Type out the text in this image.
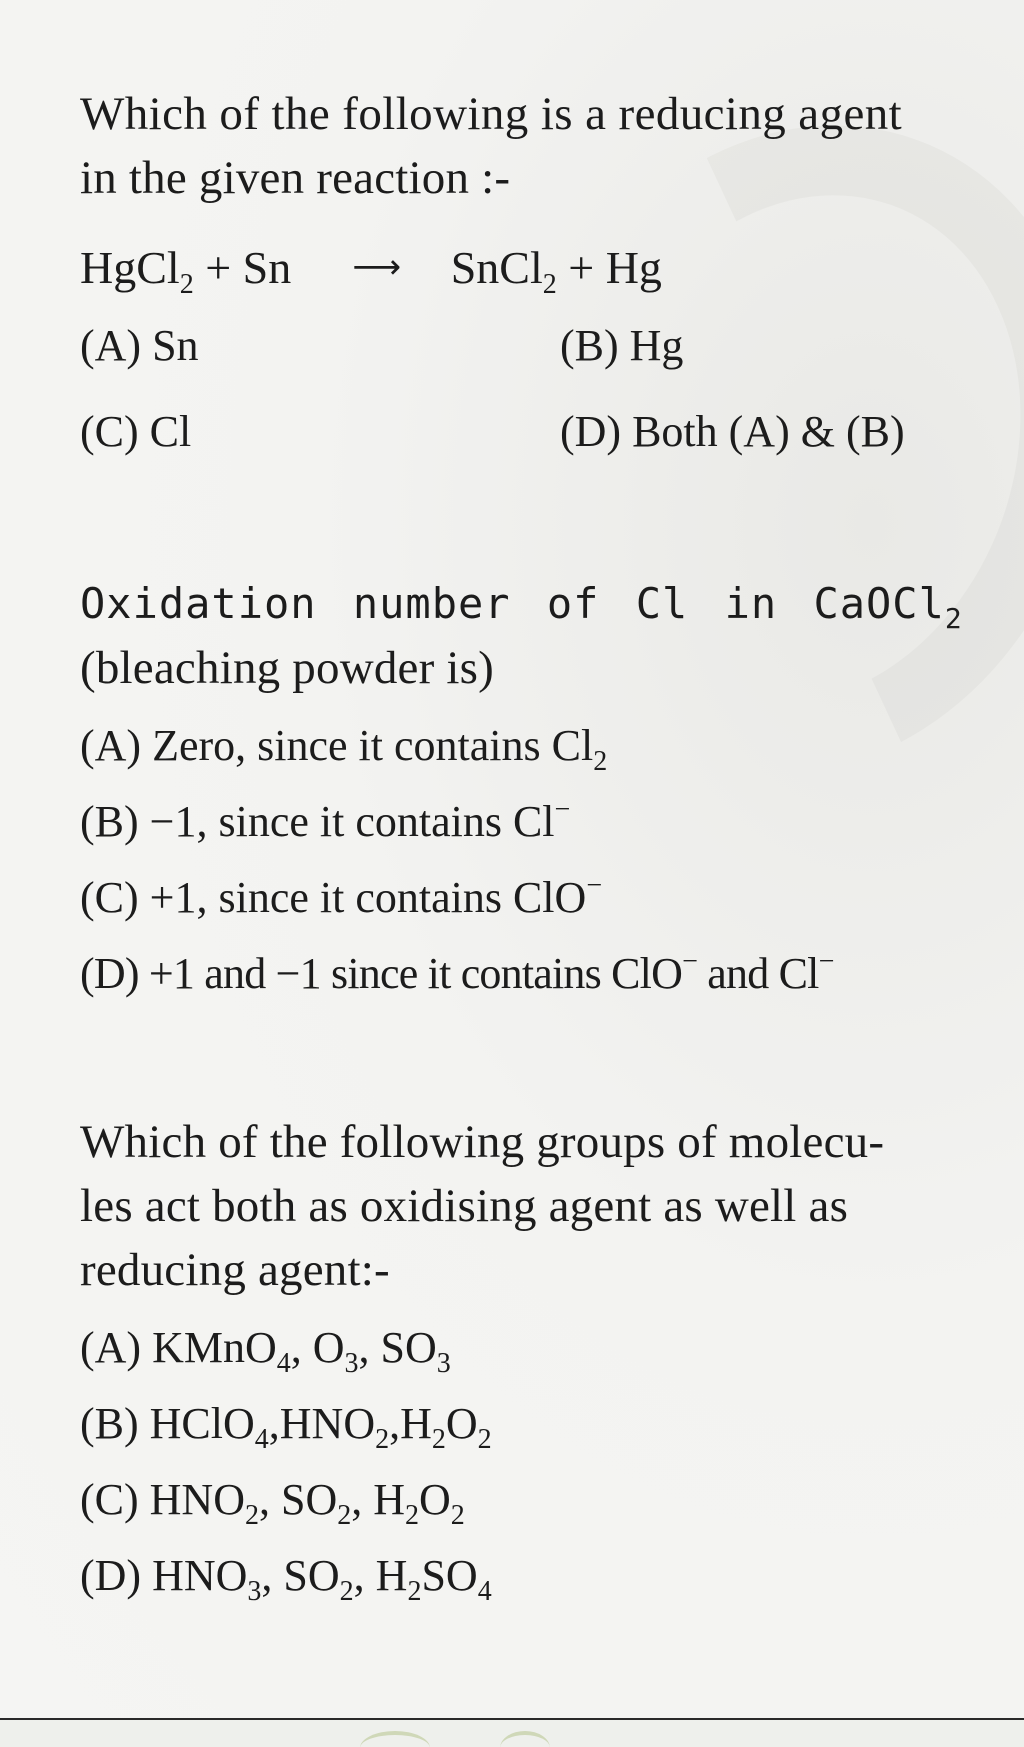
Which of the following is a reducing agent
in the given reaction :-
HgCl$_2$ + Sn	⟶	SnCl$_2$ + Hg
(A) Sn	(B) Hg
(C) Cl	(D) Both (A) & (B)
Oxidation number of Cl in CaOCl$_2$
(bleaching powder is)
(A) Zero, since it contains $Cl_2$
(B) −1, since it contains Cl−
(C) +1, since it contains ClO−
(D) +1 and −1 since it contains ClO− and Cl−
Which of the following groups of molecu-
les act both as oxidising agent as well as
reducing agent:-
(A) KMnO$_4$, $O_3$, $SO_3$
(B) $HClO_4,HNO_2,H_2O_2$
(C) $HNO_2$, $SO_2$, $H_2O_2$
(D) $HNO_3$, $SO_2$, $H_2SO_4$
